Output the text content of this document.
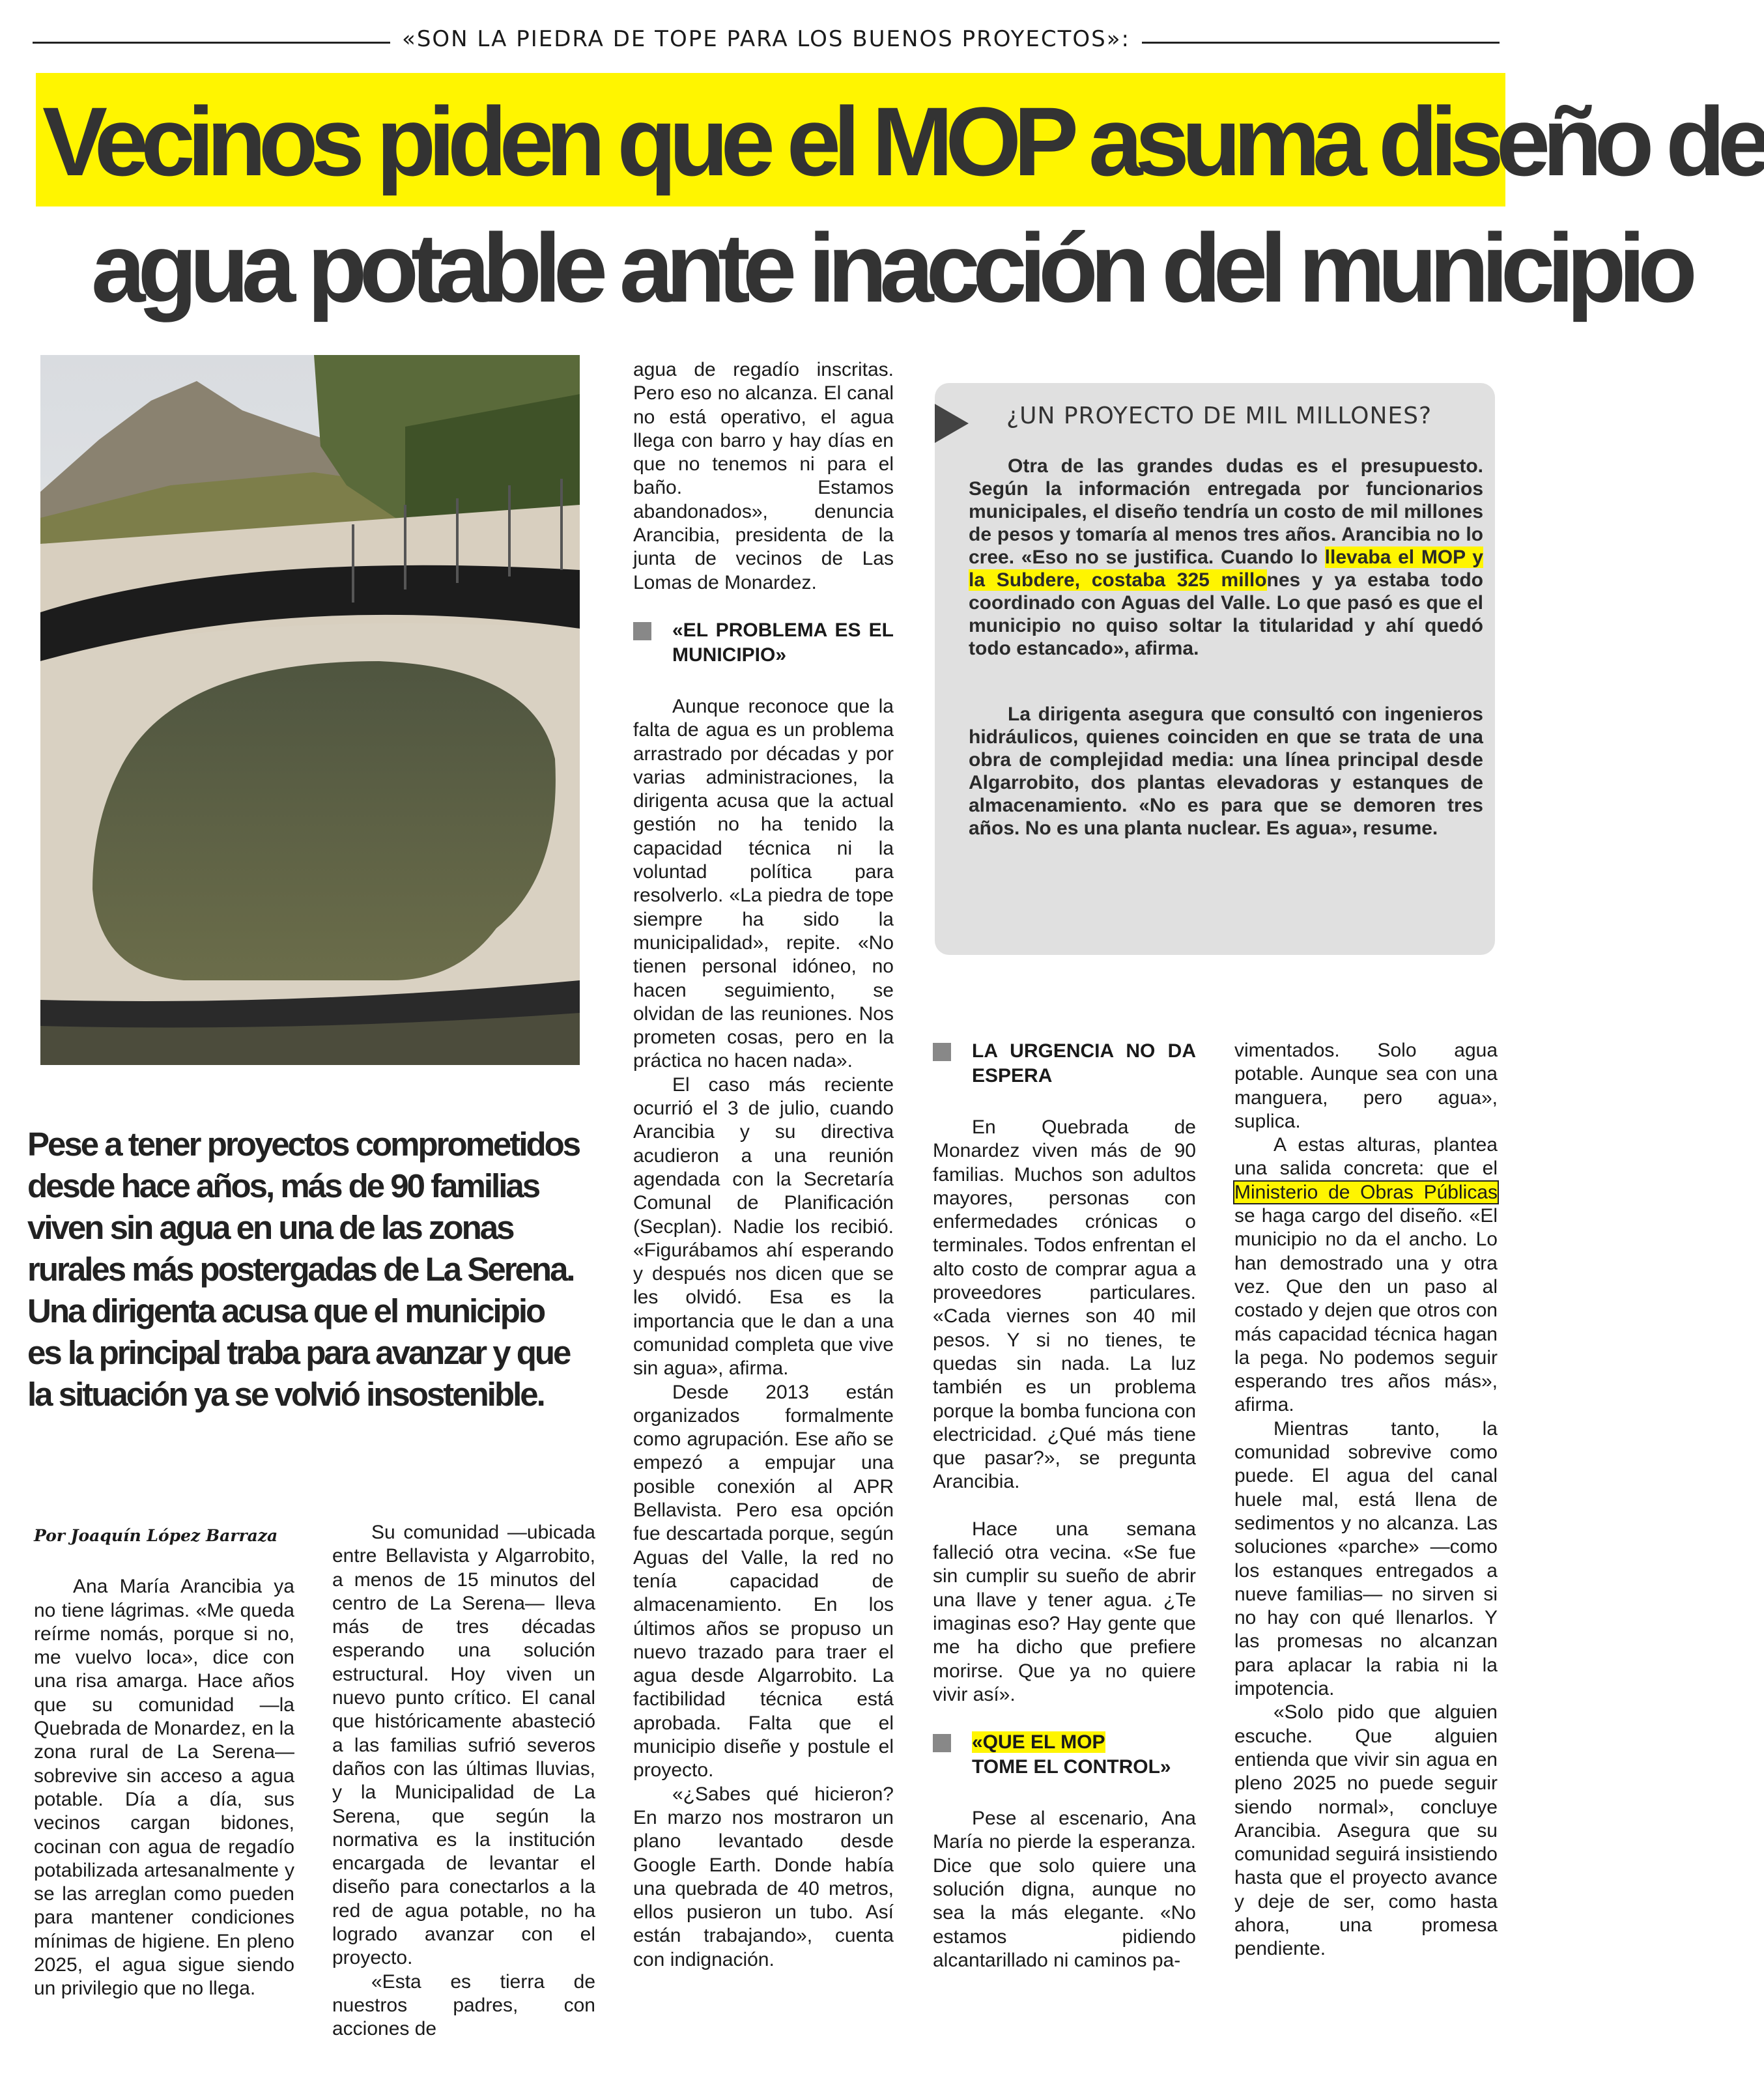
«SON LA PIEDRA DE TOPE PARA LOS BUENOS PROYECTOS»:
Vecinos piden que el MOP asuma diseño de
agua potable ante inacción del municipio
Pese a tener proyectos comprometidos desde hace años, más de 90 familias viven sin agua en una de las zonas rurales más postergadas de La Serena. Una dirigenta acusa que el municipio es la principal traba para avanzar y que la situación ya se volvió insostenible.
Por Joaquín López Barraza

Ana María Arancibia ya no tiene lágrimas. «Me queda reírme nomás, porque si no, me vuelvo loca», dice con una risa amarga. Hace años que su comunidad —la Quebrada de Monardez, en la zona rural de La Serena— sobrevive sin acceso a agua potable. Día a día, sus vecinos cargan bidones, cocinan con agua de regadío potabilizada artesanalmente y se las arreglan como pueden para mantener condiciones mínimas de higiene. En pleno 2025, el agua sigue siendo un privilegio que no llega.

Su comunidad —ubicada entre Bellavista y Algarrobito, a menos de 15 minutos del centro de La Serena— lleva más de tres décadas esperando una solución estructural. Hoy viven un nuevo punto crítico. El canal que históricamente abasteció a las familias sufrió severos daños con las últimas lluvias, y la Municipalidad de La Serena, que según la normativa es la institución encargada de levantar el diseño para conectarlos a la red de agua potable, no ha logrado avanzar con el proyecto.

«Esta es tierra de nuestros padres, con acciones de

agua de regadío inscritas. Pero eso no alcanza. El canal no está operativo, el agua llega con barro y hay días en que no tenemos ni para el baño. Estamos abandonados», denuncia Arancibia, presidenta de la junta de vecinos de Las Lomas de Monardez.

«EL PROBLEMA ES EL MUNICIPIO»

Aunque reconoce que la falta de agua es un problema arrastrado por décadas y por varias administraciones, la dirigenta acusa que la actual gestión no ha tenido la capacidad técnica ni la voluntad política para resolverlo. «La piedra de tope siempre ha sido la municipalidad», repite. «No tienen personal idóneo, no hacen seguimiento, se olvidan de las reuniones. Nos prometen cosas, pero en la práctica no hacen nada».

El caso más reciente ocurrió el 3 de julio, cuando Arancibia y su directiva acudieron a una reunión agendada con la Secretaría Comunal de Planificación (Secplan). Nadie los recibió. «Figurábamos ahí esperando y después nos dicen que se les olvidó. Esa es la importancia que le dan a una comunidad completa que vive sin agua», afirma.

Desde 2013 están organizados formalmente como agrupación. Ese año se empezó a empujar una posible conexión al APR Bellavista. Pero esa opción fue descartada porque, según Aguas del Valle, la red no tenía capacidad de almacenamiento. En los últimos años se propuso un nuevo trazado para traer el agua desde Algarrobito. La factibilidad técnica está aprobada. Falta que el municipio diseñe y postule el proyecto.

«¿Sabes qué hicieron? En marzo nos mostraron un plano levantado desde Google Earth. Donde había una quebrada de 40 metros, ellos pusieron un tubo. Así están trabajando», cuenta con indignación.

¿UN PROYECTO DE MIL MILLONES?

Otra de las grandes dudas es el presupuesto. Según la información entregada por funcionarios municipales, el diseño tendría un costo de mil millones de pesos y tomaría al menos tres años. Arancibia no lo cree. «Eso no se justifica. Cuando lo llevaba el MOP y la Subdere, costaba 325 millones y ya estaba todo coordinado con Aguas del Valle. Lo que pasó es que el municipio no quiso soltar la titularidad y ahí quedó todo estancado», afirma.

La dirigenta asegura que consultó con ingenieros hidráulicos, quienes coinciden en que se trata de una obra de complejidad media: una línea principal desde Algarrobito, dos plantas elevadoras y estanques de almacenamiento. «No es para que se demoren tres años. No es una planta nuclear. Es agua», resume.

LA URGENCIA NO DA ESPERA

En Quebrada de Monardez viven más de 90 familias. Muchos son adultos mayores, personas con enfermedades crónicas o terminales. Todos enfrentan el alto costo de comprar agua a proveedores particulares. «Cada viernes son 40 mil pesos. Y si no tienes, te quedas sin nada. La luz también es un problema porque la bomba funciona con electricidad. ¿Qué más tiene que pasar?», se pregunta Arancibia.

Hace una semana falleció otra vecina. «Se fue sin cumplir su sueño de abrir una llave y tener agua. ¿Te imaginas eso? Hay gente que me ha dicho que prefiere morirse. Que ya no quiere vivir así».

«QUE EL MOP
TOME EL CONTROL»

Pese al escenario, Ana María no pierde la esperanza. Dice que solo quiere una solución digna, aunque no sea la más elegante. «No estamos pidiendo alcantarillado ni caminos pa-

vimentados. Solo agua potable. Aunque sea con una manguera, pero agua», suplica.

A estas alturas, plantea una salida concreta: que el Ministerio de Obras Públicas se haga cargo del diseño. «El municipio no da el ancho. Lo han demostrado una y otra vez. Que den un paso al costado y dejen que otros con más capacidad técnica hagan la pega. No podemos seguir esperando tres años más», afirma.

Mientras tanto, la comunidad sobrevive como puede. El agua del canal huele mal, está llena de sedimentos y no alcanza. Las soluciones «parche» —como los estanques entregados a nueve familias— no sirven si no hay con qué llenarlos. Y las promesas no alcanzan para aplacar la rabia ni la impotencia.

«Solo pido que alguien escuche. Que alguien entienda que vivir sin agua en pleno 2025 no puede seguir siendo normal», concluye Arancibia. Asegura que su comunidad seguirá insistiendo hasta que el proyecto avance y deje de ser, como hasta ahora, una promesa pendiente.
